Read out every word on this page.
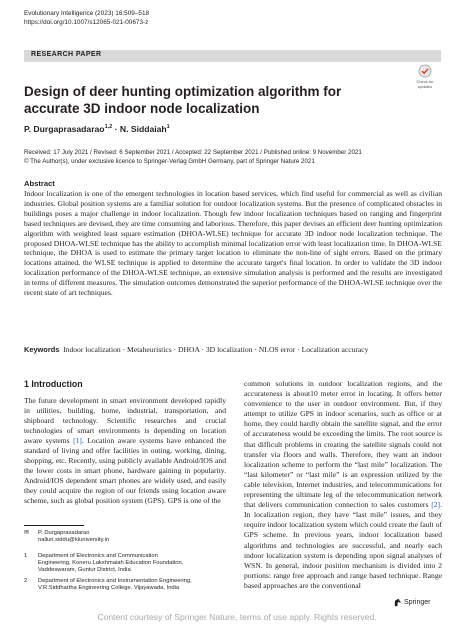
Evolutionary Intelligence (2023) 16:509–518
https://doi.org/10.1007/s12065-021-00673-z
RESEARCH PAPER
Check for
updates
Design of deer hunting optimization algorithm for accurate 3D indoor node localization
P. Durgaprasadarao$^{1,2}$ · N. Siddaiah$^1$
Received: 17 July 2021 / Revised: 6 September 2021 / Accepted: 22 September 2021 / Published online: 9 November 2021
© The Author(s), under exclusive licence to Springer-Verlag GmbH Germany, part of Springer Nature 2021
Abstract

Indoor localization is one of the emergent technologies in location based services, which find useful for commercial as well as civilian industries. Global position systems are a familiar solution for outdoor localization systems. But the presence of complicated obstacles in buildings poses a major challenge in indoor localization. Though few indoor localization techniques based on ranging and fingerprint based techniques are devised, they are time consuming and laborious. Therefore, this paper devises an efficient deer hunting optimization algorithm with weighted least square estimation (DHOA-WLSE) technique for accurate 3D indoor node localization technique. The proposed DHOA-WLSE technique has the ability to accomplish minimal localization error with least localization time. In DHOA-WLSE technique, the DHOA is used to estimate the primary target location to eliminate the non-line of sight errors. Based on the primary locations attained, the WLSE technique is applied to determine the accurate target's final location. In order to validate the 3D indoor localization performance of the DHOA-WLSE technique, an extensive simulation analysis is performed and the results are investigated in terms of different measures. The simulation outcomes demonstrated the superior performance of the DHOA-WLSE technique over the recent state of art techniques.

Keywords Indoor localization · Metaheuristics · DHOA · 3D localization · NLOS error · Localization accuracy
1 Introduction

The future development in smart environment developed rapidly in utilities, building, home, industrial, transportation, and shipboard technology. Scientific researches and crucial technologies of smart environments is depending on location aware systems [1]. Location aware systems have enhanced the standard of living and offer facilities in outing, working, dining, shopping, etc. Recently, using publicly available Android/IOS and the lower costs in smart phone, hardware gaining in popularity. Android/IOS dependent smart phones are widely used, and easily they could acquire the region of our friends using location aware scheme, such as global position system (GPS). GPS is one of the

common solutions in outdoor localization regions, and the accurateness is about10 meter error in locating. It offers better convenience to the user in outdoor environment. But, if they attempt to utilize GPS in indoor scenarios, such as office or at home, they could hardly obtain the satellite signal, and the error of accurateness would be exceeding the limits. The root source is that difficult problems in creating the satellite signals could not transfer via floors and walls. Therefore, they want an indoor localization scheme to perform the “last mile” localization. The “last kilometer” or “last mile” is an expression utilized by the cable television, Internet industries, and telecommunications for representing the ultimate leg of the telecommunication network that delivers communication connection to sales customers [2]. In localization region, they have “last mile” issues, and they require indoor localization system which could create the fault of GPS scheme. In previous years, indoor localization based algorithms and technologies are successful, and nearly each indoor localization system is depending upon signal analyses of WSN. In general, indoor position mechanism is divided into 2 portions: range free approach and range based technique. Range based approaches are the conventional

✉ P. Durgaprasadarao
nalluri.siddu@kluniversity.in
1 Department of Electronics and Communication
Engineering, Koneru Lakshmaiah Education Foundation,
Vaddeswaram, Guntur District, India
2 Department of Electronics and Instrumentation Engineering,
V.R.Siddhartha Engineering College, Vijayawada, India
Springer
Content courtesy of Springer Nature, terms of use apply. Rights reserved.
